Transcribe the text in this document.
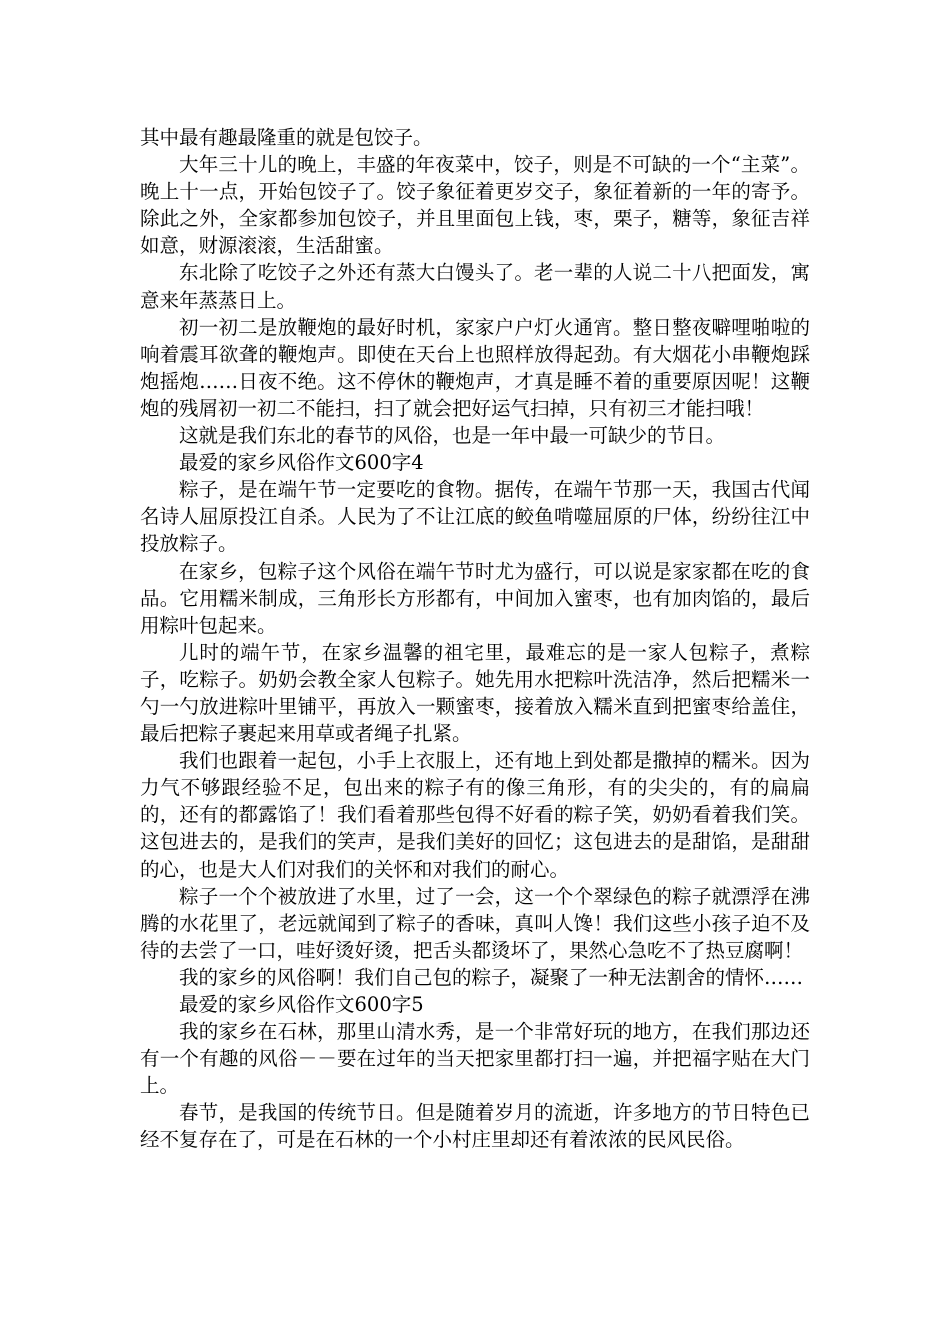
其中最有趣最隆重的就是包饺子。

大年三十儿的晚上，丰盛的年夜菜中，饺子，则是不可缺的一个“主菜”。晚上十一点，开始包饺子了。饺子象征着更岁交子，象征着新的一年的寄予。除此之外，全家都参加包饺子，并且里面包上钱，枣，栗子，糖等，象征吉祥如意，财源滚滚，生活甜蜜。

东北除了吃饺子之外还有蒸大白馒头了。老一辈的人说二十八把面发，寓意来年蒸蒸日上。

初一初二是放鞭炮的最好时机，家家户户灯火通宵。整日整夜噼哩啪啦的响着震耳欲聋的鞭炮声。即使在天台上也照样放得起劲。有大烟花小串鞭炮踩炮摇炮……日夜不绝。这不停休的鞭炮声，才真是睡不着的重要原因呢！这鞭炮的残屑初一初二不能扫，扫了就会把好运气扫掉，只有初三才能扫哦！

这就是我们东北的春节的风俗，也是一年中最一可缺少的节日。

最爱的家乡风俗作文600字4

粽子，是在端午节一定要吃的食物。据传，在端午节那一天，我国古代闻名诗人屈原投江自杀。人民为了不让江底的鲛鱼啃噬屈原的尸体，纷纷往江中投放粽子。

在家乡，包粽子这个风俗在端午节时尤为盛行，可以说是家家都在吃的食品。它用糯米制成，三角形长方形都有，中间加入蜜枣，也有加肉馅的，最后用粽叶包起来。

儿时的端午节，在家乡温馨的祖宅里，最难忘的是一家人包粽子，煮粽子，吃粽子。奶奶会教全家人包粽子。她先用水把粽叶洗洁净，然后把糯米一勺一勺放进粽叶里铺平，再放入一颗蜜枣，接着放入糯米直到把蜜枣给盖住，最后把粽子裹起来用草或者绳子扎紧。

我们也跟着一起包，小手上衣服上，还有地上到处都是撒掉的糯米。因为力气不够跟经验不足，包出来的粽子有的像三角形，有的尖尖的，有的扁扁的，还有的都露馅了！我们看着那些包得不好看的粽子笑，奶奶看着我们笑。这包进去的，是我们的笑声，是我们美好的回忆；这包进去的是甜馅，是甜甜的心，也是大人们对我们的关怀和对我们的耐心。

粽子一个个被放进了水里，过了一会，这一个个翠绿色的粽子就漂浮在沸腾的水花里了，老远就闻到了粽子的香味，真叫人馋！我们这些小孩子迫不及待的去尝了一口，哇好烫好烫，把舌头都烫坏了，果然心急吃不了热豆腐啊！

我的家乡的风俗啊！我们自己包的粽子，凝聚了一种无法割舍的情怀……

最爱的家乡风俗作文600字5

我的家乡在石林，那里山清水秀，是一个非常好玩的地方，在我们那边还有一个有趣的风俗－－要在过年的当天把家里都打扫一遍，并把福字贴在大门上。

春节，是我国的传统节日。但是随着岁月的流逝，许多地方的节日特色已经不复存在了，可是在石林的一个小村庄里却还有着浓浓的民风民俗。
